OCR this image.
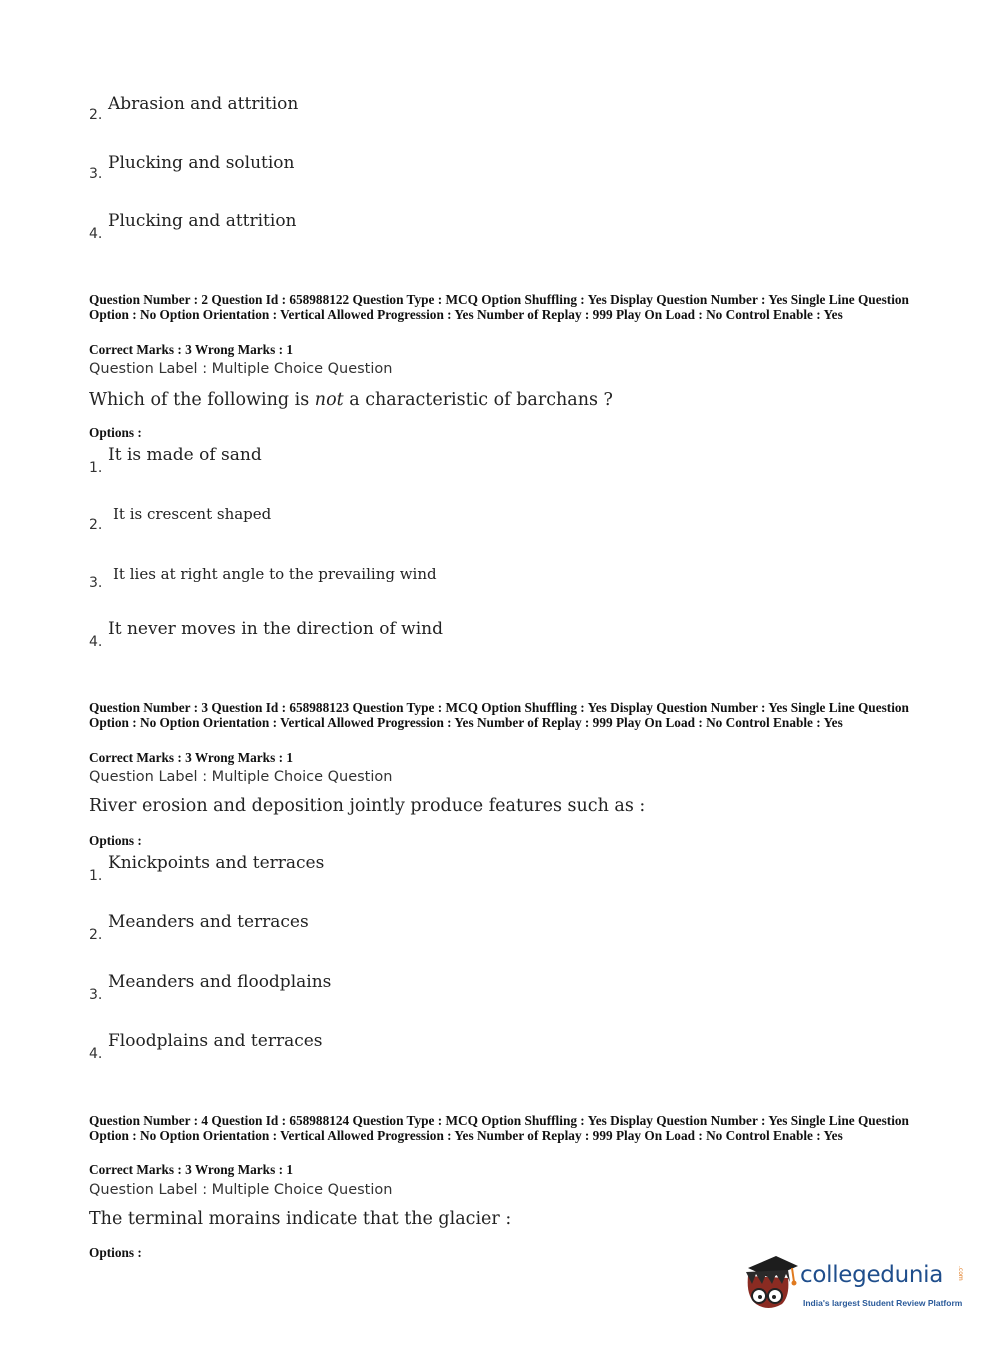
2.
Abrasion and attrition
3.
Plucking and solution
4.
Plucking and attrition
Question Number : 2 Question Id : 658988122 Question Type : MCQ Option Shuffling : Yes Display Question Number : Yes Single Line Question Option : No Option Orientation : Vertical Allowed Progression : Yes Number of Replay : 999 Play On Load : No Control Enable : Yes
Correct Marks : 3 Wrong Marks : 1
Question Label : Multiple Choice Question
Which of the following is not a characteristic of barchans ?
Options :
1.
It is made of sand
2.
It is crescent shaped
3. It lies at right angle to the prevailing wind
4.
It never moves in the direction of wind
Question Number : 3 Question Id : 658988123 Question Type : MCQ Option Shuffling : Yes Display Question Number : Yes Single Line Question Option : No Option Orientation : Vertical Allowed Progression : Yes Number of Replay : 999 Play On Load : No Control Enable : Yes
Correct Marks : 3 Wrong Marks : 1
Question Label : Multiple Choice Question
River erosion and deposition jointly produce features such as :
Options :
1.
Knickpoints and terraces
2.
Meanders and terraces
3.
Meanders and floodplains
4.
Floodplains and terraces
Question Number : 4 Question Id : 658988124 Question Type : MCQ Option Shuffling : Yes Display Question Number : Yes Single Line Question Option : No Option Orientation : Vertical Allowed Progression : Yes Number of Replay : 999 Play On Load : No Control Enable : Yes
Correct Marks : 3 Wrong Marks : 1
Question Label : Multiple Choice Question
The terminal morains indicate that the glacier :
Options :
collegedunia .com
India's largest Student Review Platform
